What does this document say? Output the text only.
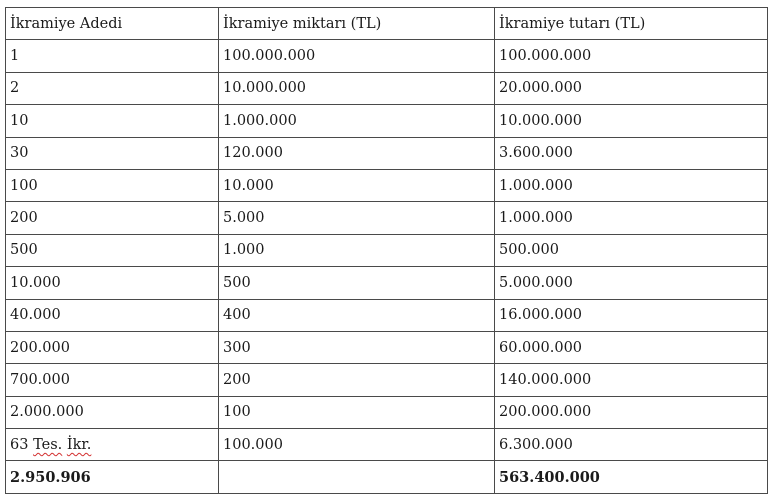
İkramiye Adedi	İkramiye miktarı (TL)	İkramiye tutarı (TL)
1	100.000.000	100.000.000
2	10.000.000	20.000.000
10	1.000.000	10.000.000
30	120.000	3.600.000
100	10.000	1.000.000
200	5.000	1.000.000
500	1.000	500.000
10.000	500	5.000.000
40.000	400	16.000.000
200.000	300	60.000.000
700.000	200	140.000.000
2.000.000	100	200.000.000
63 Tes. İkr.	100.000	6.300.000
2.950.906		563.400.000
